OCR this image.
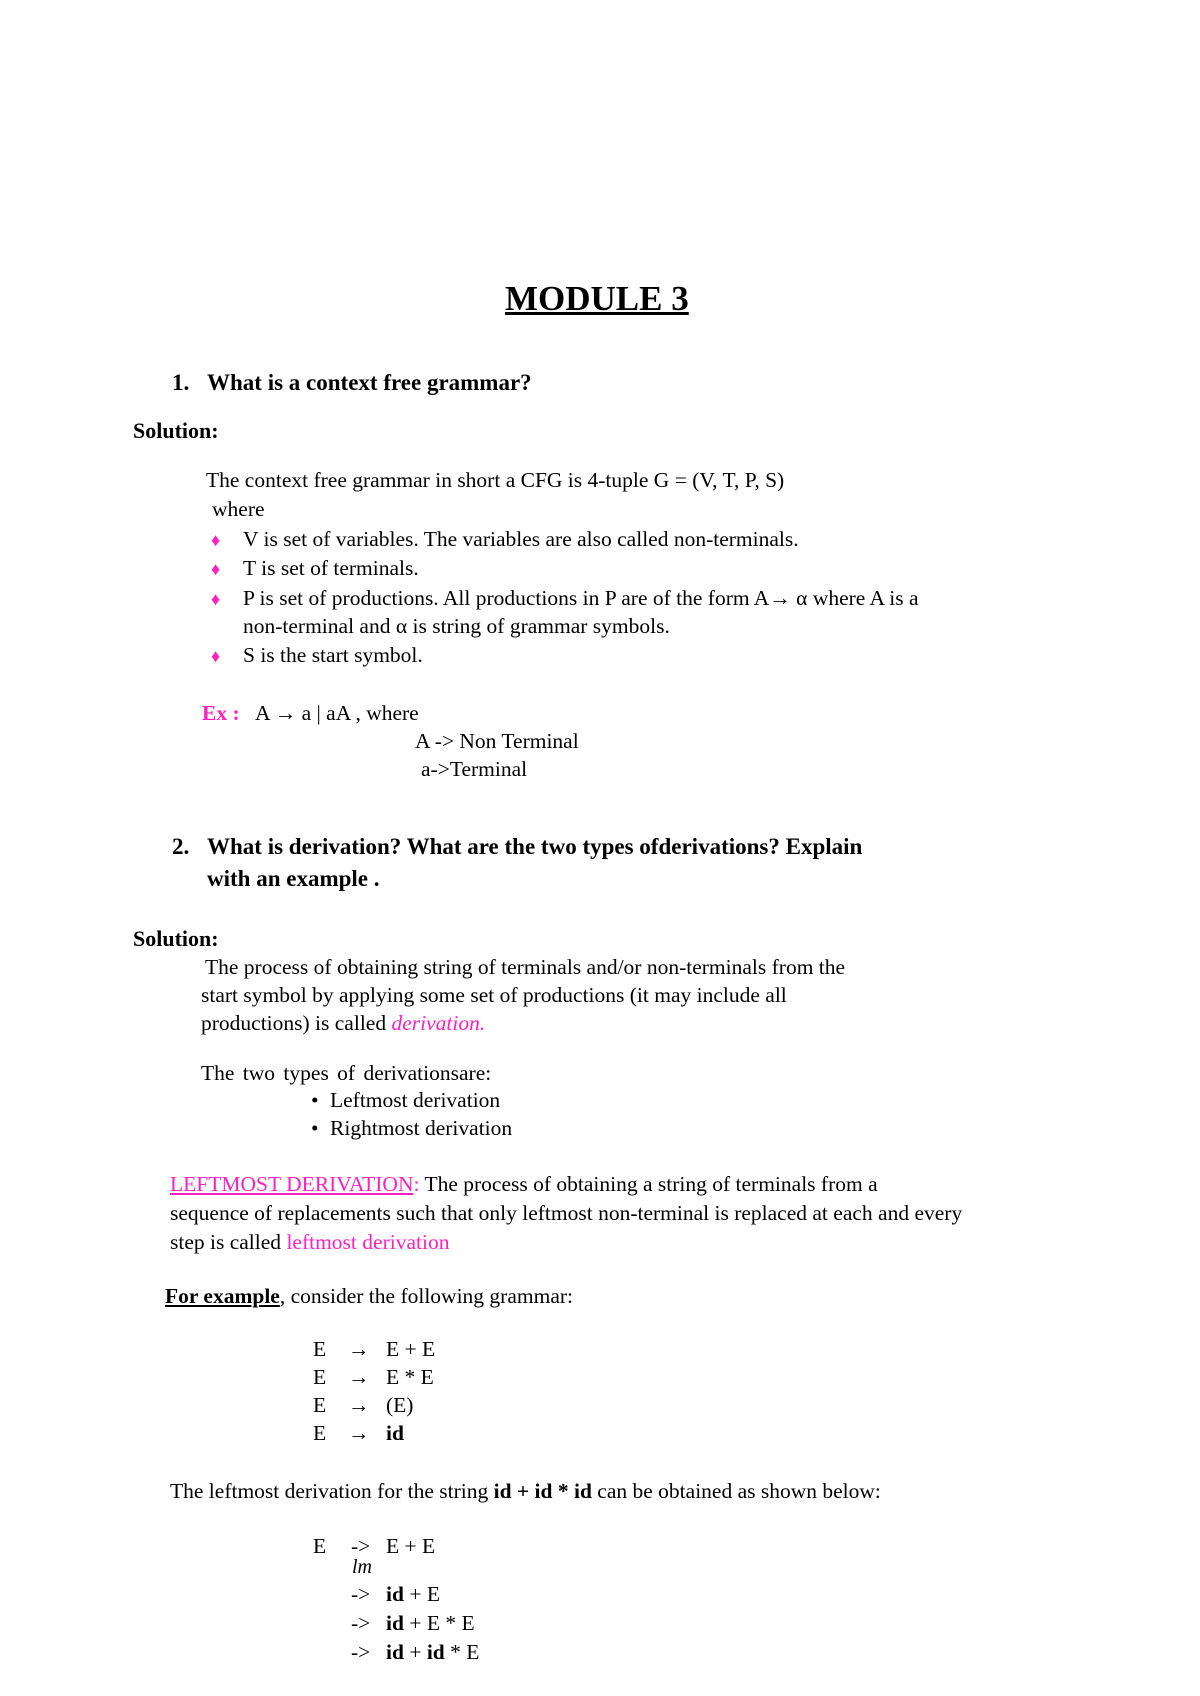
MODULE 3
1. What is a context free grammar?
Solution:
The context free grammar in short a CFG is 4-tuple G = (V, T, P, S)
where
♦ V is set of variables. The variables are also called non-terminals.
♦ T is set of terminals.
♦ P is set of productions. All productions in P are of the form A→ α where A is a
non-terminal and α is string of grammar symbols.
♦ S is the start symbol.
Ex : A → a | aA , where
A -> Non Terminal
a->Terminal
2. What is derivation? What are the two types ofderivations? Explain
with an example .
Solution:
The process of obtaining string of terminals and/or non-terminals from the
start symbol by applying some set of productions (it may include all
productions) is called derivation.
The two types of derivationsare:
• Leftmost derivation
• Rightmost derivation
LEFTMOST DERIVATION: The process of obtaining a string of terminals from a
sequence of replacements such that only leftmost non-terminal is replaced at each and every
step is called leftmost derivation
For example, consider the following grammar:
E → E + E
E → E * E
E → (E)
E → id
The leftmost derivation for the string id + id * id can be obtained as shown below:
E -> E + E
lm
-> id + E
-> id + E * E
-> id + id * E
